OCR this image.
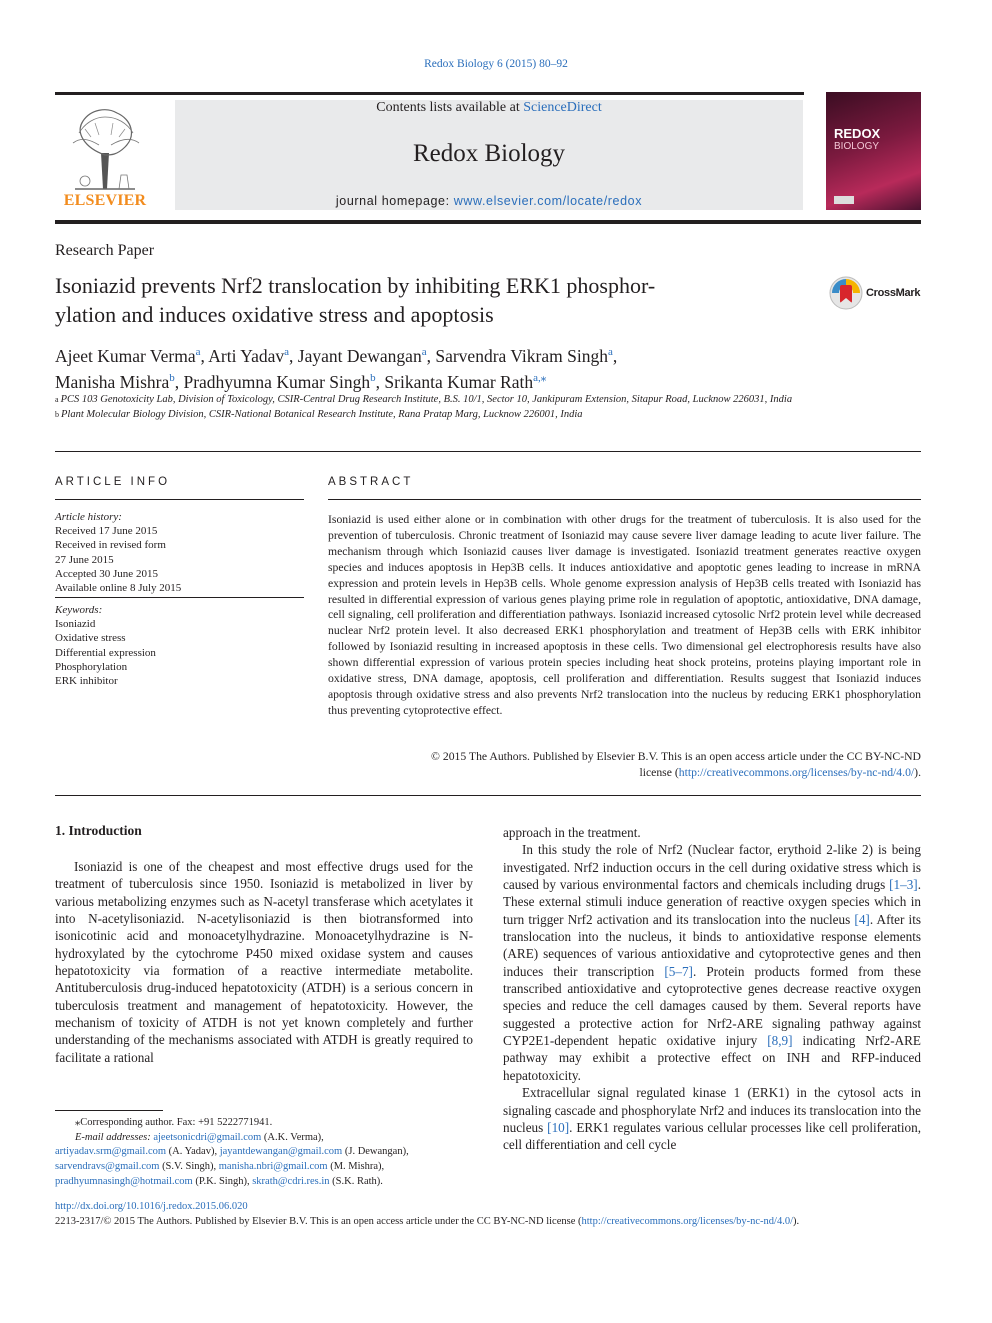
Redox Biology 6 (2015) 80–92
ELSEVIER
Contents lists available at ScienceDirect
Redox Biology
journal homepage: www.elsevier.com/locate/redox
REDOX
BIOLOGY
Research Paper
Isoniazid prevents Nrf2 translocation by inhibiting ERK1 phosphor-
ylation and induces oxidative stress and apoptosis
CrossMark
Ajeet Kumar Verma$^a$, Arti Yadav$^a$, Jayant Dewangan$^a$, Sarvendra Vikram Singh$^a$,
Manisha Mishra$^b$, Pradhyumna Kumar Singh$^b$, Srikanta Kumar Rath$^{a,⁎}$
$^a$ PCS 103 Genotoxicity Lab, Division of Toxicology, CSIR-Central Drug Research Institute, B.S. 10/1, Sector 10, Jankipuram Extension, Sitapur Road, Lucknow 226031, India
$^b$ Plant Molecular Biology Division, CSIR-National Botanical Research Institute, Rana Pratap Marg, Lucknow 226001, India
ARTICLE INFO
Article history:
Received 17 June 2015
Received in revised form
27 June 2015
Accepted 30 June 2015
Available online 8 July 2015
Keywords:
Isoniazid
Oxidative stress
Differential expression
Phosphorylation
ERK inhibitor
ABSTRACT
Isoniazid is used either alone or in combination with other drugs for the treatment of tuberculosis. It is also used for the prevention of tuberculosis. Chronic treatment of Isoniazid may cause severe liver damage leading to acute liver failure. The mechanism through which Isoniazid causes liver damage is investigated. Isoniazid treatment generates reactive oxygen species and induces apoptosis in Hep3B cells. It induces antioxidative and apoptotic genes leading to increase in mRNA expression and protein levels in Hep3B cells. Whole genome expression analysis of Hep3B cells treated with Isoniazid has resulted in differential expression of various genes playing prime role in regulation of apoptotic, antioxidative, DNA damage, cell signaling, cell proliferation and differentiation pathways. Isoniazid increased cytosolic Nrf2 protein level while decreased nuclear Nrf2 protein level. It also decreased ERK1 phosphorylation and treatment of Hep3B cells with ERK inhibitor followed by Isoniazid resulting in increased apoptosis in these cells. Two dimensional gel electrophoresis results have also shown differential expression of various protein species including heat shock proteins, proteins playing important role in oxidative stress, DNA damage, apoptosis, cell proliferation and differentiation. Results suggest that Isoniazid induces apoptosis through oxidative stress and also prevents Nrf2 translocation into the nucleus by reducing ERK1 phosphorylation thus preventing cytoprotective effect.
© 2015 The Authors. Published by Elsevier B.V. This is an open access article under the CC BY-NC-ND
license (http://creativecommons.org/licenses/by-nc-nd/4.0/).
1. Introduction

Isoniazid is one of the cheapest and most effective drugs used for the treatment of tuberculosis since 1950. Isoniazid is metabolized in liver by various metabolizing enzymes such as N-acetyl transferase which acetylates it into N-acetylisoniazid. N-acetylisoniazid is then biotransformed into isonicotinic acid and monoacetylhydrazine. Monoacetylhydrazine is N-hydroxylated by the cytochrome P450 mixed oxidase system and causes hepatotoxicity via formation of a reactive intermediate metabolite. Antituberculosis drug-induced hepatotoxicity (ATDH) is a serious concern in tuberculosis treatment and management of hepatotoxicity. However, the mechanism of toxicity of ATDH is not yet known completely and further understanding of the mechanisms associated with ATDH is greatly required to facilitate a rational

approach in the treatment.

In this study the role of Nrf2 (Nuclear factor, erythoid 2-like 2) is being investigated. Nrf2 induction occurs in the cell during oxidative stress which is caused by various environmental factors and chemicals including drugs [1–3]. These external stimuli induce generation of reactive oxygen species which in turn trigger Nrf2 activation and its translocation into the nucleus [4]. After its translocation into the nucleus, it binds to antioxidative response elements (ARE) sequences of various antioxidative and cytoprotective genes and then induces their transcription [5–7]. Protein products formed from these transcribed antioxidative and cytoprotective genes decrease reactive oxygen species and reduce the cell damages caused by them. Several reports have suggested a protective action for Nrf2-ARE signaling pathway against CYP2E1-dependent hepatic oxidative injury [8,9] indicating Nrf2-ARE pathway may exhibit a protective effect on INH and RFP-induced hepatotoxicity.

Extracellular signal regulated kinase 1 (ERK1) in the cytosol acts in signaling cascade and phosphorylate Nrf2 and induces its translocation into the nucleus [10]. ERK1 regulates various cellular processes like cell proliferation, cell differentiation and cell cycle

⁎Corresponding author. Fax: +91 5222771941.
E-mail addresses: ajeetsonicdri@gmail.com (A.K. Verma),
artiyadav.srm@gmail.com (A. Yadav), jayantdewangan@gmail.com (J. Dewangan),
sarvendravs@gmail.com (S.V. Singh), manisha.nbri@gmail.com (M. Mishra),
pradhyumnasingh@hotmail.com (P.K. Singh), skrath@cdri.res.in (S.K. Rath).
http://dx.doi.org/10.1016/j.redox.2015.06.020
2213-2317/© 2015 The Authors. Published by Elsevier B.V. This is an open access article under the CC BY-NC-ND license (http://creativecommons.org/licenses/by-nc-nd/4.0/).
